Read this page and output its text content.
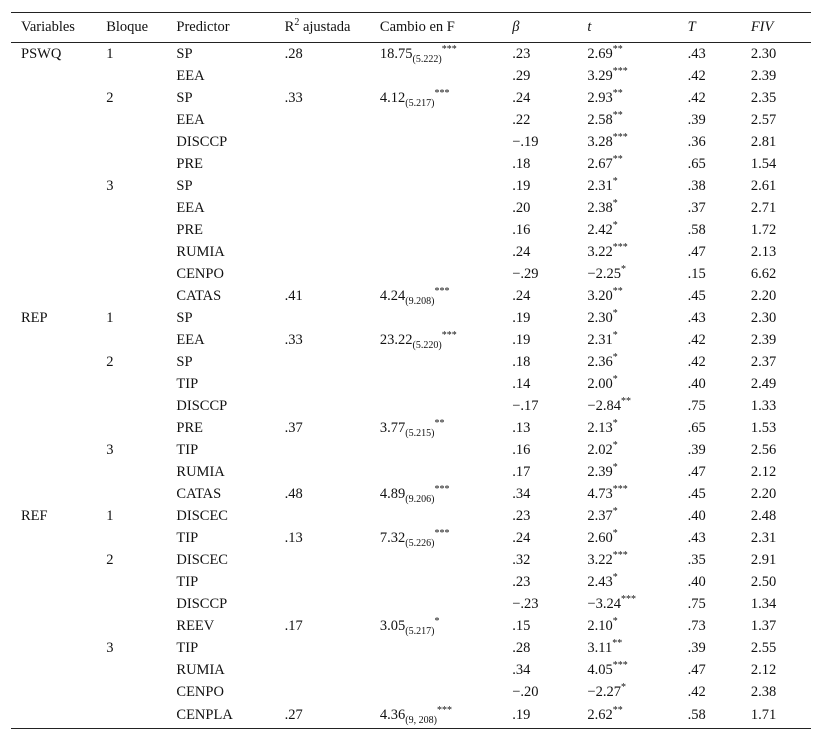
Variables	Bloque	Predictor	$R^2$ ajustada	Cambio en F	β	t	T	FIV
PSWQ	1	SP	.28	$18.75_{(5.222)}^{***}$	.23	2.69**	.43	2.30
		EEA			.29	3.29***	.42	2.39
	2	SP	.33	$4.12_{(5.217)}^{***}$	.24	2.93**	.42	2.35
		EEA			.22	2.58**	.39	2.57
		DISCCP			−.19	3.28***	.36	2.81
		PRE			.18	2.67**	.65	1.54
	3	SP			.19	2.31*	.38	2.61
		EEA			.20	2.38*	.37	2.71
		PRE			.16	2.42*	.58	1.72
		RUMIA			.24	3.22***	.47	2.13
		CENPO			−.29	−2.25*	.15	6.62
		CATAS	.41	$4.24_{(9.208)}^{***}$	.24	3.20**	.45	2.20
REP	1	SP			.19	2.30*	.43	2.30
		EEA	.33	$23.22_{(5.220)}^{***}$	.19	2.31*	.42	2.39
	2	SP			.18	2.36*	.42	2.37
		TIP			.14	2.00*	.40	2.49
		DISCCP			−.17	−2.84**	.75	1.33
		PRE	.37	$3.77_{(5.215)}^{**}$	.13	2.13*	.65	1.53
	3	TIP			.16	2.02*	.39	2.56
		RUMIA			.17	2.39*	.47	2.12
		CATAS	.48	$4.89_{(9.206)}^{***}$	.34	4.73***	.45	2.20
REF	1	DISCEC			.23	2.37*	.40	2.48
		TIP	.13	$7.32_{(5.226)}^{***}$	.24	2.60*	.43	2.31
	2	DISCEC			.32	3.22***	.35	2.91
		TIP			.23	2.43*	.40	2.50
		DISCCP			−.23	−3.24***	.75	1.34
		REEV	.17	$3.05_{(5.217)}^*$	.15	2.10*	.73	1.37
	3	TIP			.28	3.11**	.39	2.55
		RUMIA			.34	4.05***	.47	2.12
		CENPO			−.20	−2.27*	.42	2.38
		CENPLA	.27	$4.36_{(9, 208)}^{***}$	.19	2.62**	.58	1.71
